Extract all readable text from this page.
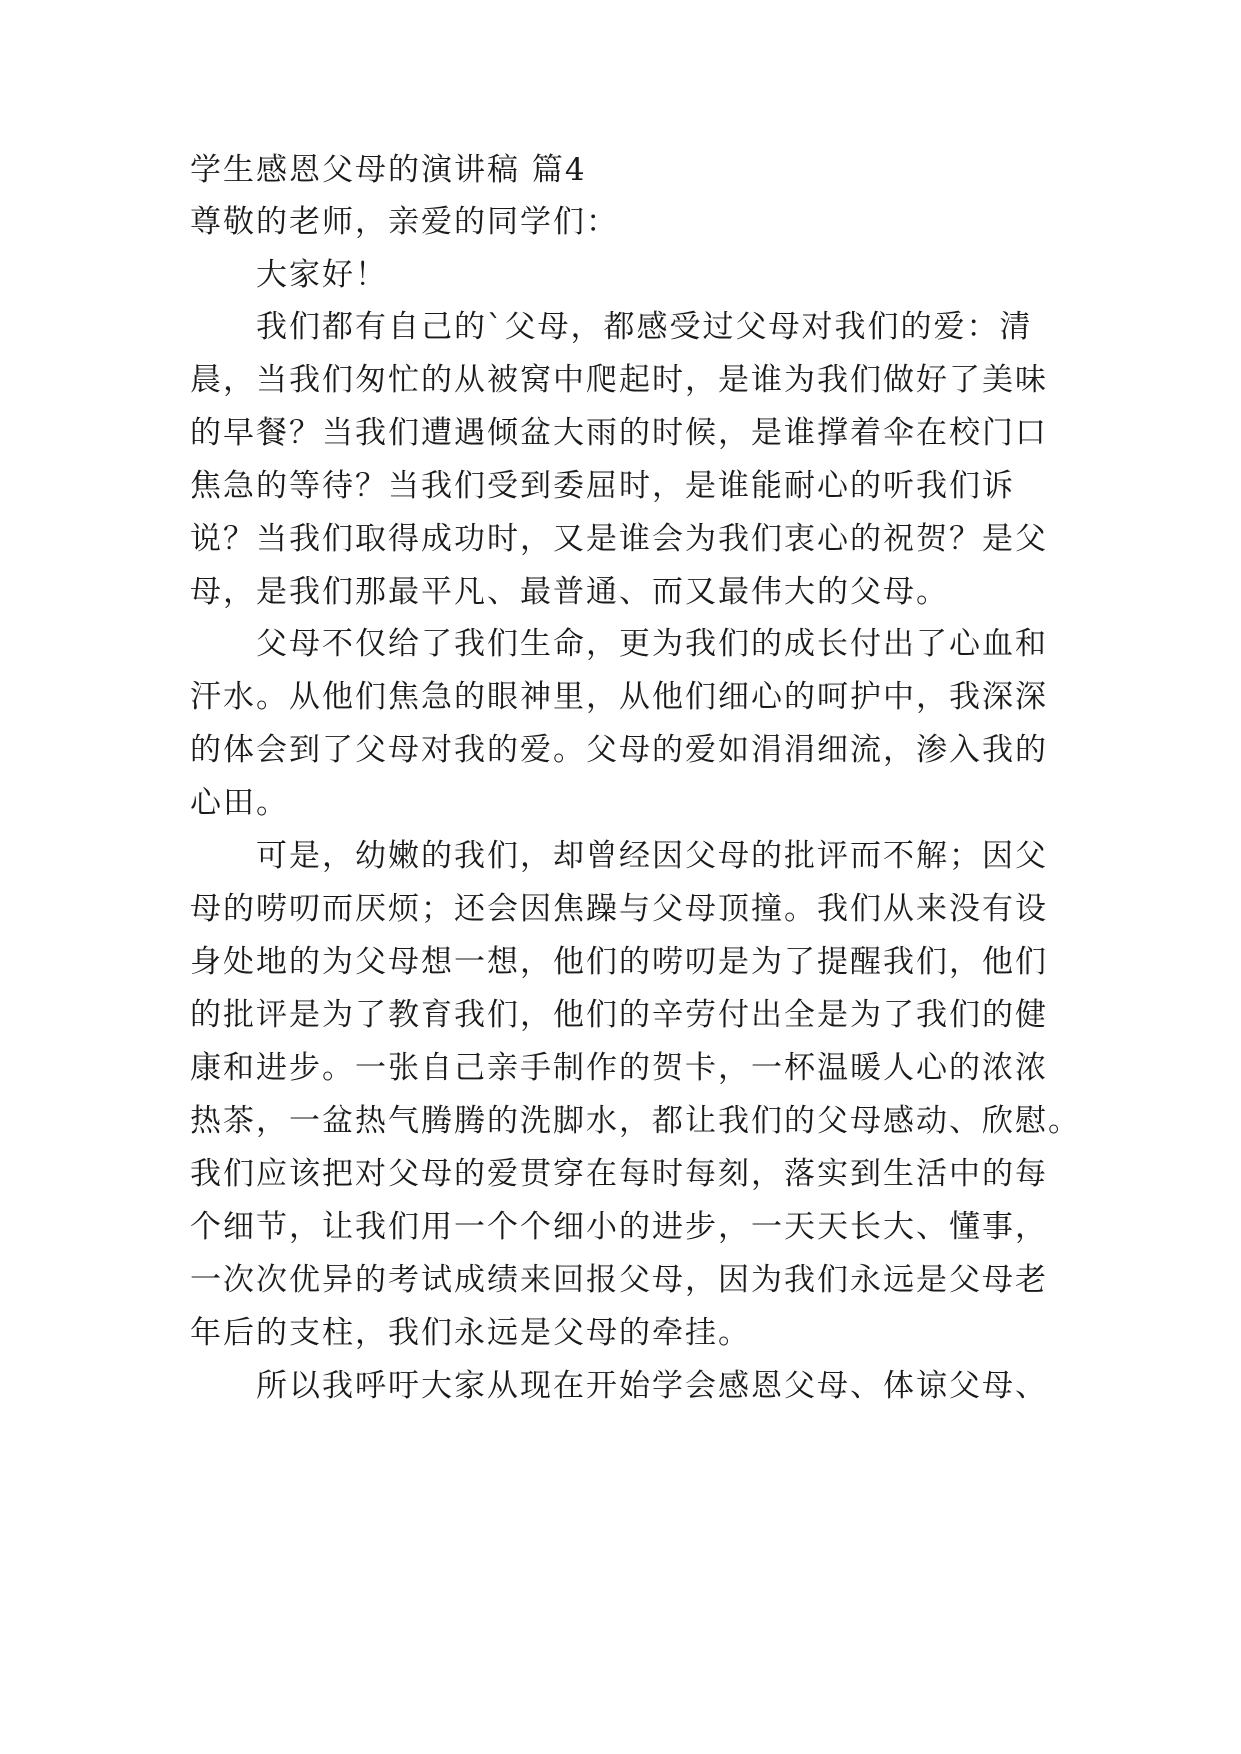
学生感恩父母的演讲稿 篇4
尊敬的老师，亲爱的同学们：
大家好！
我们都有自己的`父母，都感受过父母对我们的爱：清
晨，当我们匆忙的从被窝中爬起时，是谁为我们做好了美味
的早餐？当我们遭遇倾盆大雨的时候，是谁撑着伞在校门口
焦急的等待？当我们受到委屈时，是谁能耐心的听我们诉
说？当我们取得成功时，又是谁会为我们衷心的祝贺？是父
母，是我们那最平凡、最普通、而又最伟大的父母。
父母不仅给了我们生命，更为我们的成长付出了心血和
汗水。从他们焦急的眼神里，从他们细心的呵护中，我深深
的体会到了父母对我的爱。父母的爱如涓涓细流，渗入我的
心田。
可是，幼嫩的我们，却曾经因父母的批评而不解；因父
母的唠叨而厌烦；还会因焦躁与父母顶撞。我们从来没有设
身处地的为父母想一想，他们的唠叨是为了提醒我们，他们
的批评是为了教育我们，他们的辛劳付出全是为了我们的健
康和进步。一张自己亲手制作的贺卡，一杯温暖人心的浓浓
热茶，一盆热气腾腾的洗脚水，都让我们的父母感动、欣慰。
我们应该把对父母的爱贯穿在每时每刻，落实到生活中的每
个细节，让我们用一个个细小的进步，一天天长大、懂事，
一次次优异的考试成绩来回报父母，因为我们永远是父母老
年后的支柱，我们永远是父母的牵挂。
所以我呼吁大家从现在开始学会感恩父母、体谅父母、
